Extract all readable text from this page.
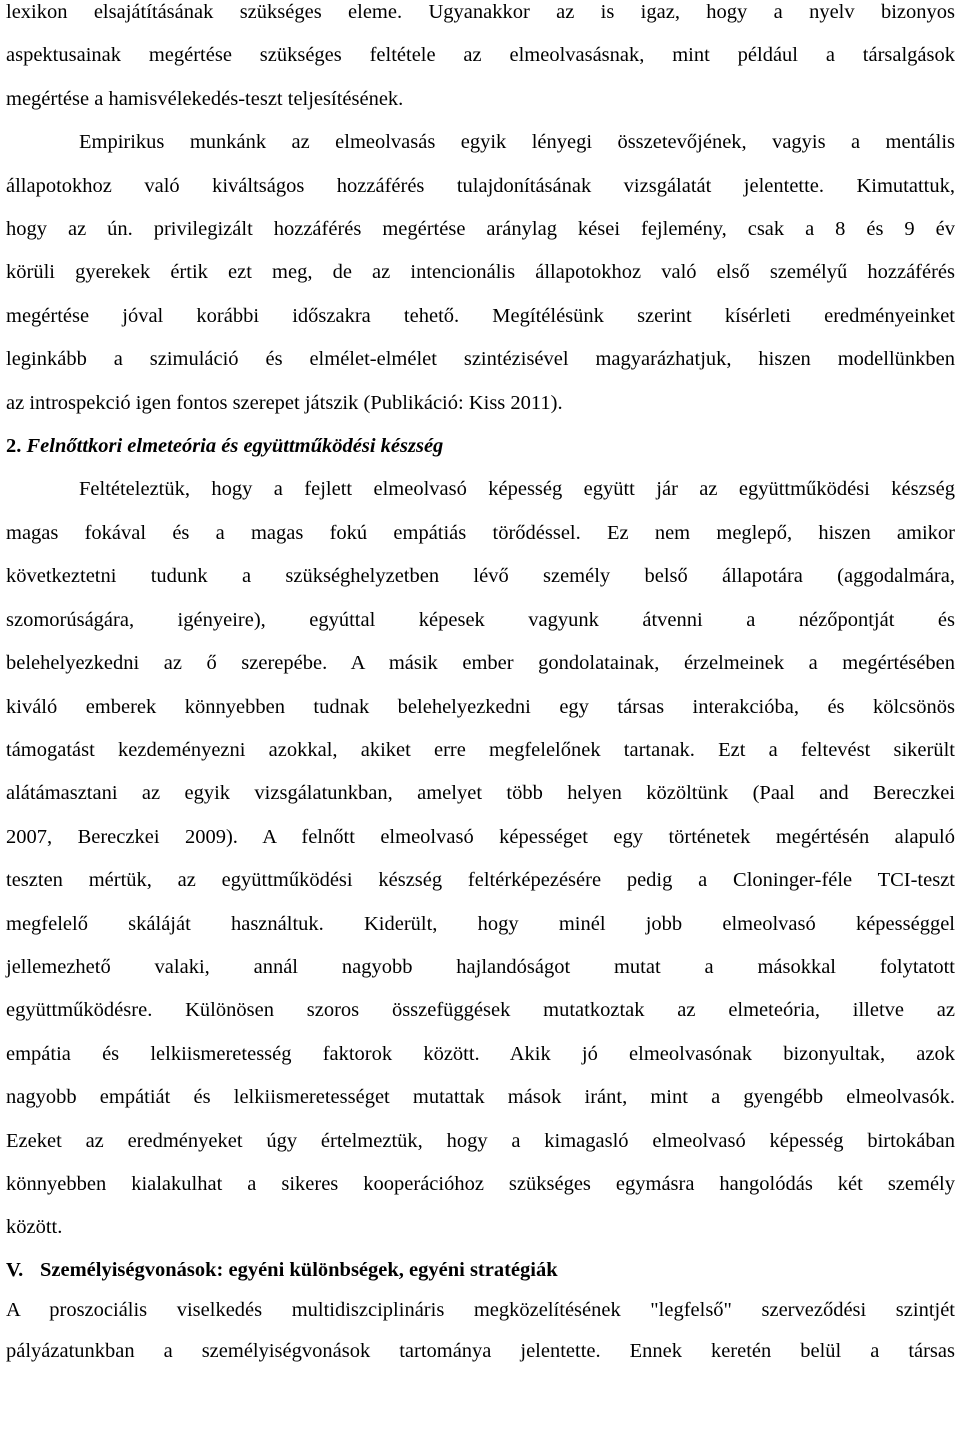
lexikon elsajátításának szükséges eleme. Ugyanakkor az is igaz, hogy a nyelv bizonyos

aspektusainak megértése szükséges feltétele az elmeolvasásnak, mint például a társalgások

megértése a hamisvélekedés-teszt teljesítésének.

Empirikus munkánk az elmeolvasás egyik lényegi összetevőjének, vagyis a mentális

állapotokhoz való kiváltságos hozzáférés tulajdonításának vizsgálatát jelentette. Kimutattuk,

hogy az ún. privilegizált hozzáférés megértése aránylag kései fejlemény, csak a 8 és 9 év

körüli gyerekek értik ezt meg, de az intencionális állapotokhoz való első személyű hozzáférés

megértése jóval korábbi időszakra tehető. Megítélésünk szerint kísérleti eredményeinket

leginkább a szimuláció és elmélet-elmélet szintézisével magyarázhatjuk, hiszen modellünkben

az introspekció igen fontos szerepet játszik (Publikáció: Kiss 2011).

2. Felnőttkori elmeteória és együttműködési készség

Feltételeztük, hogy a fejlett elmeolvasó képesség együtt jár az együttműködési készség

magas fokával és a magas fokú empátiás törődéssel. Ez nem meglepő, hiszen amikor

következtetni tudunk a szükséghelyzetben lévő személy belső állapotára (aggodalmára,

szomorúságára, igényeire), egyúttal képesek vagyunk átvenni a nézőpontját és

belehelyezkedni az ő szerepébe. A másik ember gondolatainak, érzelmeinek a megértésében

kiváló emberek könnyebben tudnak belehelyezkedni egy társas interakcióba, és kölcsönös

támogatást kezdeményezni azokkal, akiket erre megfelelőnek tartanak. Ezt a feltevést sikerült

alátámasztani az egyik vizsgálatunkban, amelyet több helyen közöltünk (Paal and Bereczkei

2007, Bereczkei 2009). A felnőtt elmeolvasó képességet egy történetek megértésén alapuló

teszten mértük, az együttműködési készség feltérképezésére pedig a Cloninger-féle TCI-teszt

megfelelő skáláját használtuk. Kiderült, hogy minél jobb elmeolvasó képességgel

jellemezhető valaki, annál nagyobb hajlandóságot mutat a másokkal folytatott

együttműködésre. Különösen szoros összefüggések mutatkoztak az elmeteória, illetve az

empátia és lelkiismeretesség faktorok között. Akik jó elmeolvasónak bizonyultak, azok

nagyobb empátiát és lelkiismeretességet mutattak mások iránt, mint a gyengébb elmeolvasók.

Ezeket az eredményeket úgy értelmeztük, hogy a kimagasló elmeolvasó képesség birtokában

könnyebben kialakulhat a sikeres kooperációhoz szükséges egymásra hangolódás két személy

között.

V. Személyiségvonások: egyéni különbségek, egyéni stratégiák

A proszociális viselkedés multidiszciplináris megközelítésének "legfelső" szerveződési szintjét

pályázatunkban a személyiségvonások tartománya jelentette. Ennek keretén belül a társas
